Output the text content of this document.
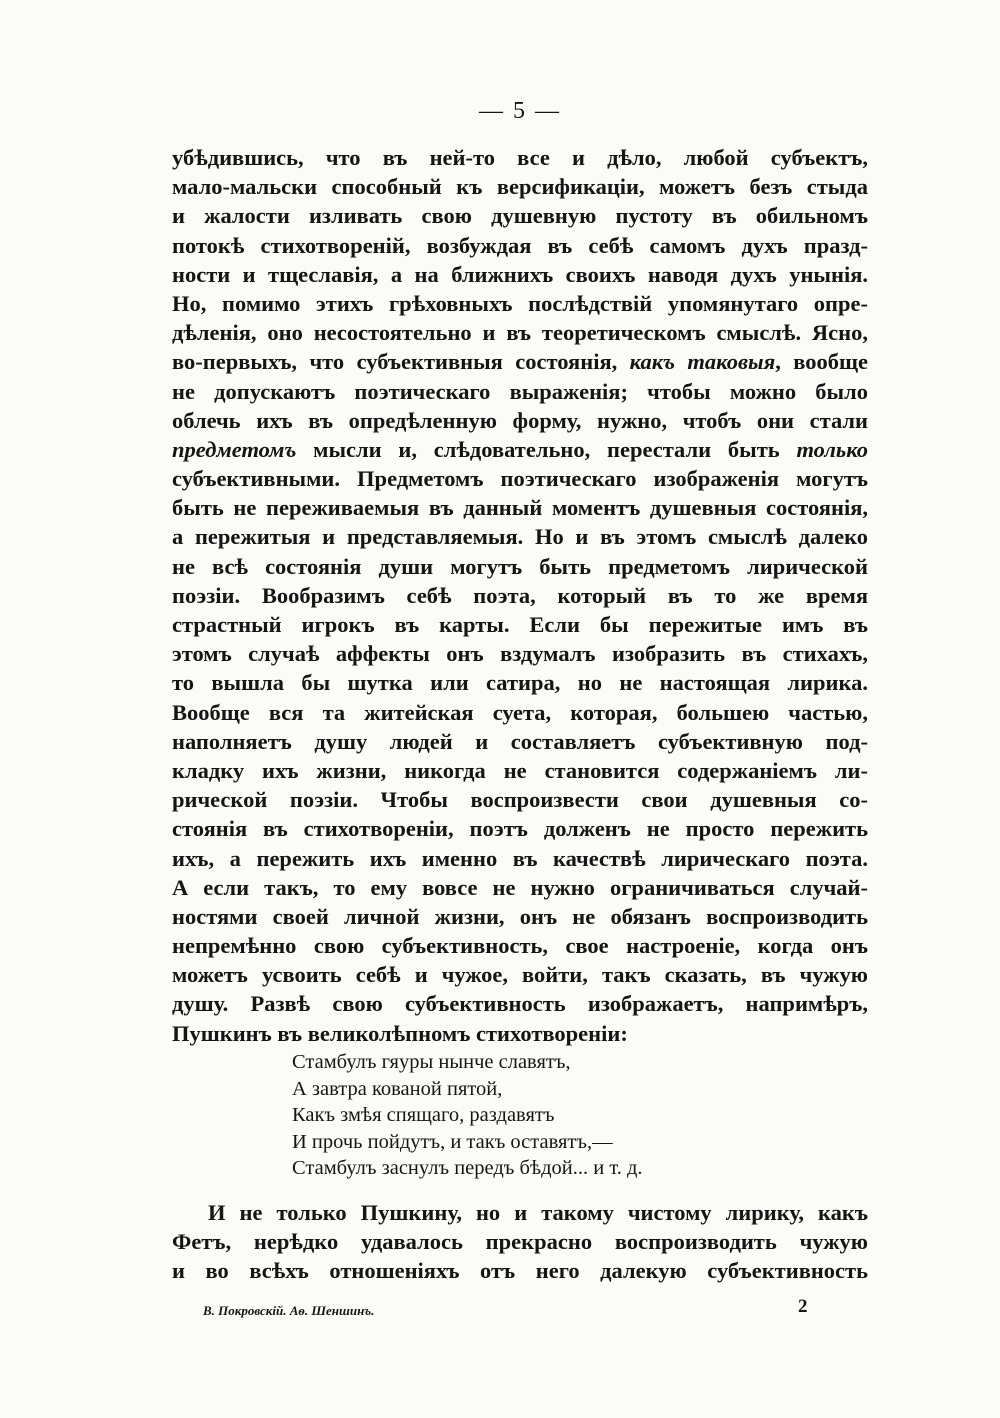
— 5 —
убѣдившись, что въ ней-то все и дѣло, любой субъектъ,
мало-мальски способный къ версификаціи, можетъ безъ стыда
и жалости изливать свою душевную пустоту въ обильномъ
потокѣ стихотвореній, возбуждая въ себѣ самомъ духъ празд-
ности и тщеславія, а на ближнихъ своихъ наводя духъ унынія.
Но, помимо этихъ грѣховныхъ послѣдствій упомянутаго опре-
дѣленія, оно несостоятельно и въ теоретическомъ смыслѣ. Ясно,
во-первыхъ, что субъективныя состоянія, какъ таковыя, вообще
не допускаютъ поэтическаго выраженія; чтобы можно было
облечь ихъ въ опредѣленную форму, нужно, чтобъ они стали
предметомъ мысли и, слѣдовательно, перестали быть только
субъективными. Предметомъ поэтическаго изображенія могутъ
быть не переживаемыя въ данный моментъ душевныя состоянія,
а пережитыя и представляемыя. Но и въ этомъ смыслѣ далеко
не всѣ состоянія души могутъ быть предметомъ лирической
поэзіи. Вообразимъ себѣ поэта, который въ то же время
страстный игрокъ въ карты. Если бы пережитые имъ въ
этомъ случаѣ аффекты онъ вздумалъ изобразить въ стихахъ,
то вышла бы шутка или сатира, но не настоящая лирика.
Вообще вся та житейская суета, которая, большею частью,
наполняетъ душу людей и составляетъ субъективную под-
кладку ихъ жизни, никогда не становится содержаніемъ ли-
рической поэзіи. Чтобы воспроизвести свои душевныя со-
стоянія въ стихотвореніи, поэтъ долженъ не просто пережить
ихъ, а пережить ихъ именно въ качествѣ лирическаго поэта.
А если такъ, то ему вовсе не нужно ограничиваться случай-
ностями своей личной жизни, онъ не обязанъ воспроизводить
непремѣнно свою субъективность, свое настроеніе, когда онъ
можетъ усвоить себѣ и чужое, войти, такъ сказать, въ чужую
душу. Развѣ свою субъективность изображаетъ, напримѣръ,
Пушкинъ въ великолѣпномъ стихотвореніи:
Стамбулъ гяуры нынче славятъ,
А завтра кованой пятой,
Какъ змѣя спящаго, раздавятъ
И прочь пойдутъ, и такъ оставятъ,—
Стамбулъ заснулъ передъ бѣдой... и т. д.
И не только Пушкину, но и такому чистому лирику, какъ
Фетъ, нерѣдко удавалось прекрасно воспроизводить чужую
и во всѣхъ отношеніяхъ отъ него далекую субъективность
В. Покровскій. Аѳ. Шеншинъ.	2
